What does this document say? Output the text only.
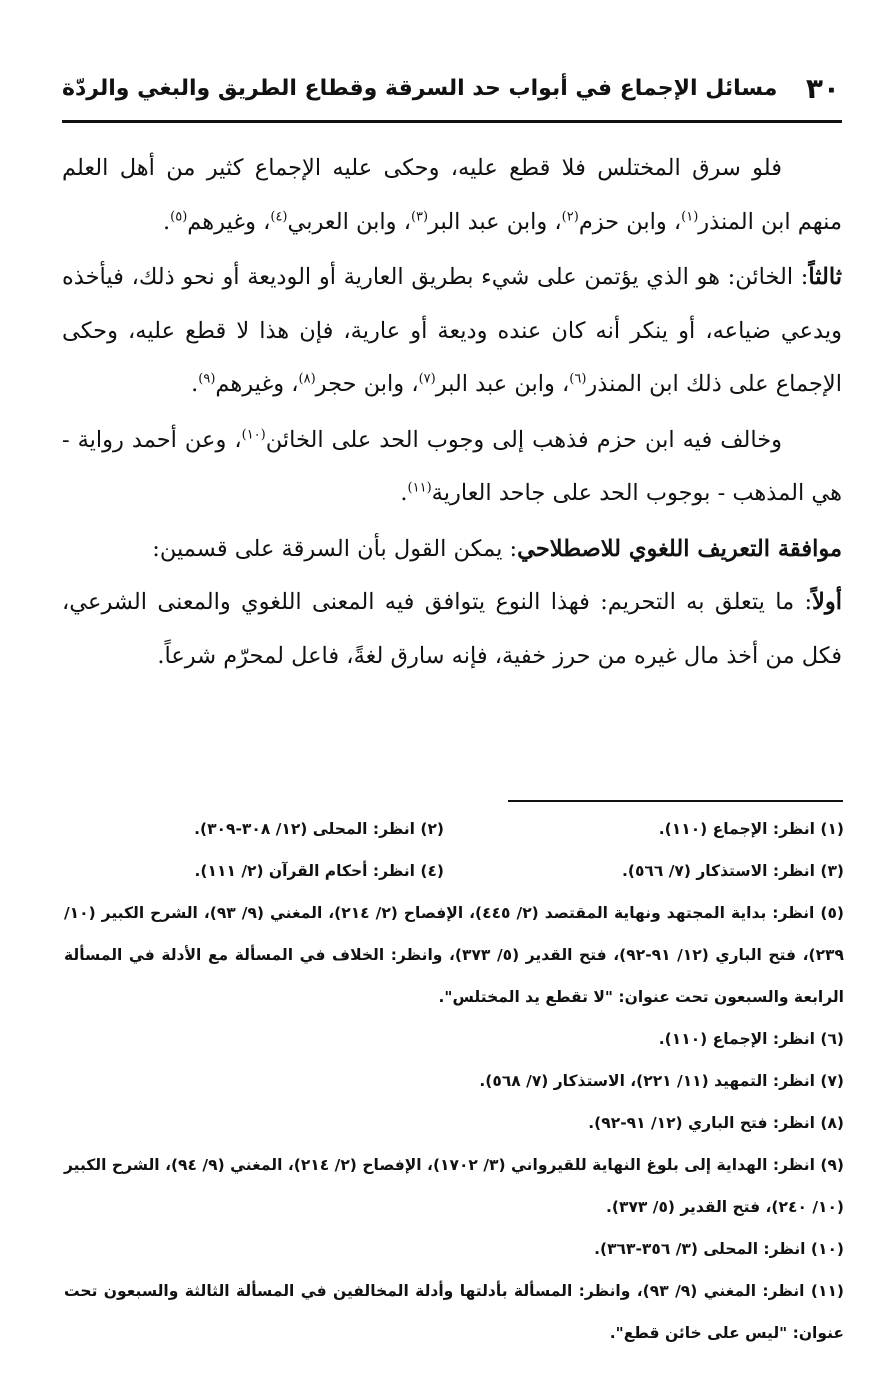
٣٠
مسائل الإجماع في أبواب حد السرقة وقطاع الطريق والبغي والردّة

فلو سرق المختلس فلا قطع عليه، وحكى عليه الإجماع كثير من أهل العلم منهم ابن المنذر$^{(١)}$، وابن حزم$^{(٢)}$، وابن عبد البر$^{(٣)}$، وابن العربي$^{(٤)}$، وغيرهم$^{(٥)}$.

ثالثاً: الخائن: هو الذي يؤتمن على شيء بطريق العارية أو الوديعة أو نحو ذلك، فيأخذه ويدعي ضياعه، أو ينكر أنه كان عنده وديعة أو عارية، فإن هذا لا قطع عليه، وحكى الإجماع على ذلك ابن المنذر$^{(٦)}$، وابن عبد البر$^{(٧)}$، وابن حجر$^{(٨)}$، وغيرهم$^{(٩)}$.

وخالف فيه ابن حزم فذهب إلى وجوب الحد على الخائن$^{(١٠)}$، وعن أحمد رواية - هي المذهب - بوجوب الحد على جاحد العارية$^{(١١)}$.

موافقة التعريف اللغوي للاصطلاحي: يمكن القول بأن السرقة على قسمين:

أولاً: ما يتعلق به التحريم: فهذا النوع يتوافق فيه المعنى اللغوي والمعنى الشرعي، فكل من أخذ مال غيره من حرز خفية، فإنه سارق لغةً، فاعل لمحرّم شرعاً.

(١) انظر: الإجماع (١١٠).
(٢) انظر: المحلى (١٢/ ٣٠٨-٣٠٩).
(٣) انظر: الاستذكار (٧/ ٥٦٦).
(٤) انظر: أحكام القرآن (٢/ ١١١).
(٥) انظر: بداية المجتهد ونهاية المقتصد (٢/ ٤٤٥)، الإفصاح (٢/ ٢١٤)، المغني (٩/ ٩٣)، الشرح الكبير (١٠/ ٢٣٩)، فتح الباري (١٢/ ٩١-٩٢)، فتح القدير (٥/ ٣٧٣)، وانظر: الخلاف في المسألة مع الأدلة في المسألة الرابعة والسبعون تحت عنوان: "لا تقطع يد المختلس".
(٦) انظر: الإجماع (١١٠).
(٧) انظر: التمهيد (١١/ ٢٢١)، الاستذكار (٧/ ٥٦٨).
(٨) انظر: فتح الباري (١٢/ ٩١-٩٢).
(٩) انظر: الهداية إلى بلوغ النهاية للقيرواني (٣/ ١٧٠٢)، الإفصاح (٢/ ٢١٤)، المغني (٩/ ٩٤)، الشرح الكبير (١٠/ ٢٤٠)، فتح القدير (٥/ ٣٧٣).
(١٠) انظر: المحلى (٣/ ٣٥٦-٣٦٣).
(١١) انظر: المغني (٩/ ٩٣)، وانظر: المسألة بأدلتها وأدلة المخالفين في المسألة الثالثة والسبعون تحت عنوان: "ليس على خائن قطع".
